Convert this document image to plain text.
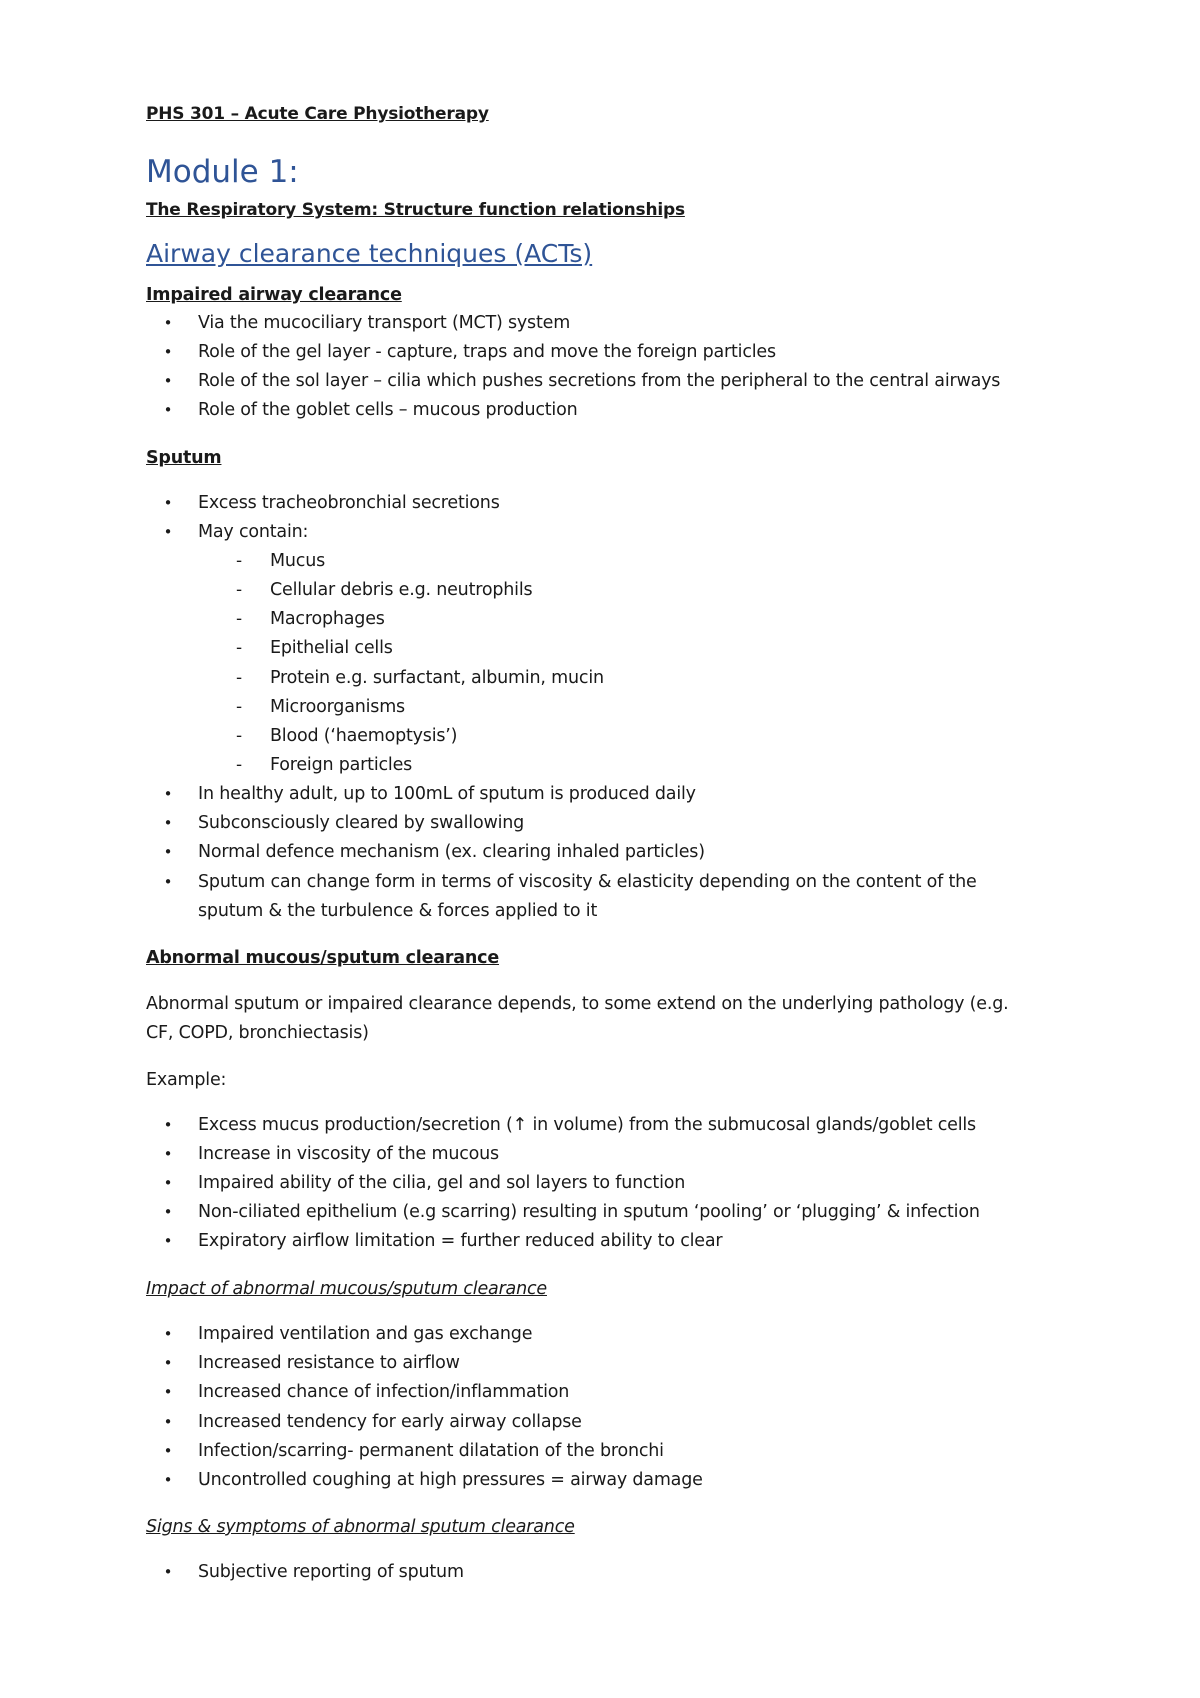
PHS 301 – Acute Care Physiotherapy
Module 1:
The Respiratory System: Structure function relationships
Airway clearance techniques (ACTs)
Impaired airway clearance
•	Via the mucociliary transport (MCT) system
•	Role of the gel layer - capture, traps and move the foreign particles
•	Role of the sol layer – cilia which pushes secretions from the peripheral to the central airways
•	Role of the goblet cells – mucous production
Sputum
•	Excess tracheobronchial secretions
•	May contain:
- Mucus
- Cellular debris e.g. neutrophils
- Macrophages
- Epithelial cells
- Protein e.g. surfactant, albumin, mucin
- Microorganisms
- Blood (‘haemoptysis’)
- Foreign particles
•	In healthy adult, up to 100mL of sputum is produced daily
•	Subconsciously cleared by swallowing
•	Normal defence mechanism (ex. clearing inhaled particles)
•	Sputum can change form in terms of viscosity & elasticity depending on the content of the
sputum & the turbulence & forces applied to it
Abnormal mucous/sputum clearance
Abnormal sputum or impaired clearance depends, to some extend on the underlying pathology (e.g.
CF, COPD, bronchiectasis)
Example:
•	Excess mucus production/secretion (↑ in volume) from the submucosal glands/goblet cells
•	Increase in viscosity of the mucous
•	Impaired ability of the cilia, gel and sol layers to function
•	Non-ciliated epithelium (e.g scarring) resulting in sputum ‘pooling’ or ‘plugging’ & infection
•	Expiratory airflow limitation = further reduced ability to clear
Impact of abnormal mucous/sputum clearance
•	Impaired ventilation and gas exchange
•	Increased resistance to airflow
•	Increased chance of infection/inflammation
•	Increased tendency for early airway collapse
•	Infection/scarring- permanent dilatation of the bronchi
•	Uncontrolled coughing at high pressures = airway damage
Signs & symptoms of abnormal sputum clearance
•	Subjective reporting of sputum
